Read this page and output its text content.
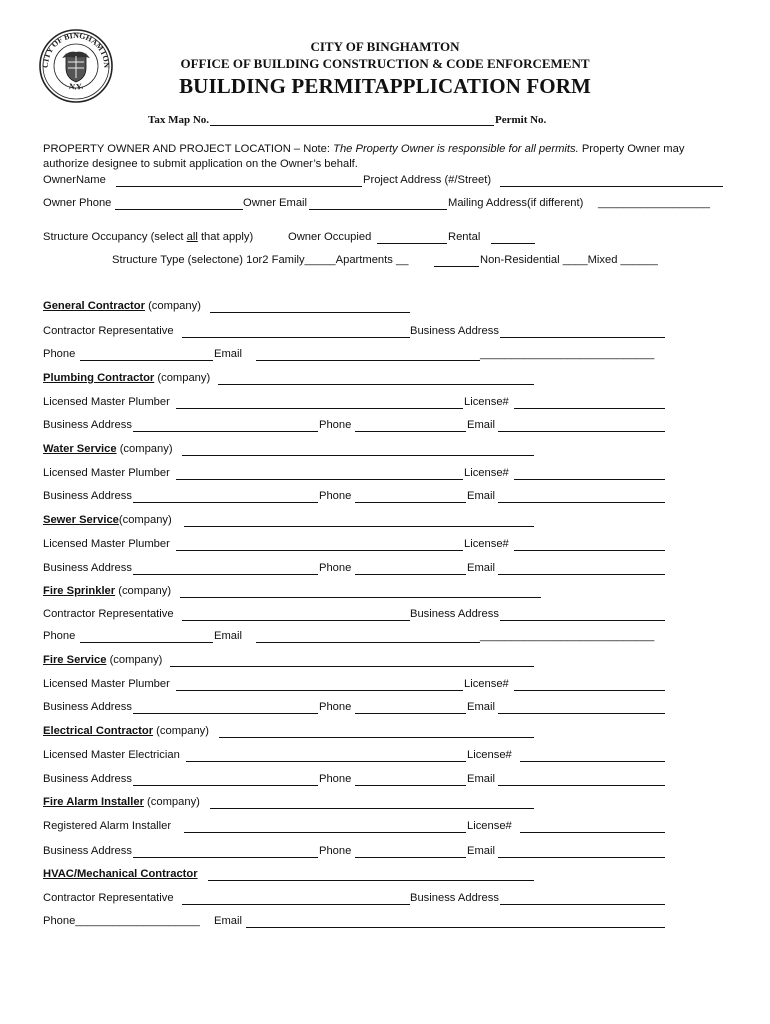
CITY OF BINGHAMTON
N.Y.
CITY OF BINGHAMTON
OFFICE OF BUILDING CONSTRUCTION & CODE ENFORCEMENT
BUILDING PERMITAPPLICATION FORM
Tax Map No.	Permit No.
PROPERTY OWNER AND PROJECT LOCATION – Note: The Property Owner is responsible for all permits. Property Owner may
authorize designee to submit application on the Owner’s behalf.
OwnerName	Project Address (#/Street)
Owner Phone	Owner Email	Mailing Address(if different) __________________
Structure Occupancy (select all that apply)	Owner Occupied	Rental
Structure Type (selectone) 1or2 Family_____Apartments __	Non-Residential ____Mixed ______
General Contractor (company)
Contractor Representative	Business Address
Phone	Email	____________________________
Plumbing Contractor (company)
Licensed Master Plumber	License#
Business Address	Phone	Email
Water Service (company)
Licensed Master Plumber	License#
Business Address	Phone	Email
Sewer Service(company)
Licensed Master Plumber	License#
Business Address	Phone	Email
Fire Sprinkler (company)
Contractor Representative	Business Address
Phone	Email	____________________________
Fire Service (company)
Licensed Master Plumber	License#
Business Address	Phone	Email
Electrical Contractor (company)
Licensed Master Electrician	License#
Business Address	Phone	Email
Fire Alarm Installer (company)
Registered Alarm Installer	License#
Business Address	Phone	Email
HVAC/Mechanical Contractor
Contractor Representative	Business Address
Phone____________________ Email
